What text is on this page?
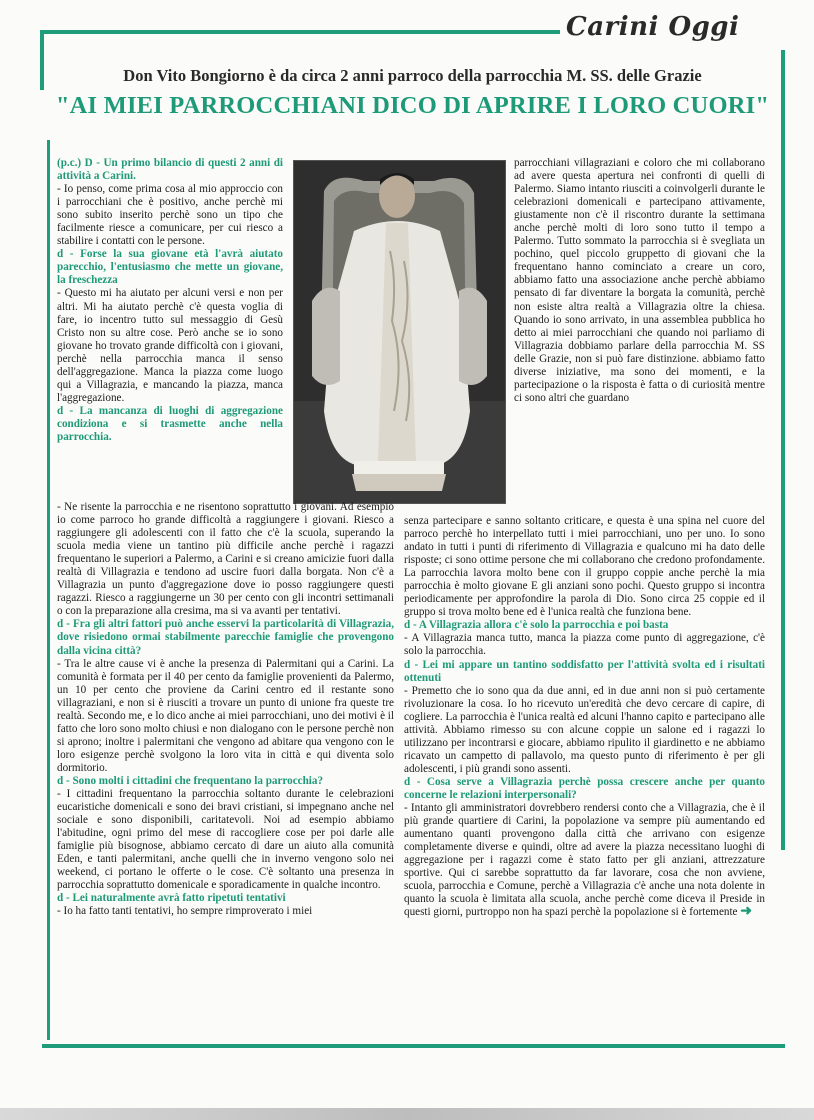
Carini Oggi
Don Vito Bongiorno è da circa 2 anni parroco della parrocchia M. SS. delle Grazie
"AI MIEI PARROCCHIANI DICO DI APRIRE I LORO CUORI"

(p.c.) D - Un primo bilancio di questi 2 anni di attività a Carini.

- Io penso, come prima cosa al mio approccio con i parrocchiani che è positivo, anche perchè mi sono subito inserito perchè sono un tipo che facilmente riesce a comunicare, per cui riesco a stabilire i contatti con le persone.

d - Forse la sua giovane età l'avrà aiutato parecchio, l'entusiasmo che mette un giovane, la freschezza

- Questo mi ha aiutato per alcuni versi e non per altri. Mi ha aiutato perchè c'è questa voglia di fare, io incentro tutto sul messaggio di Gesù Cristo non su altre cose. Però anche se io sono giovane ho trovato grande difficoltà con i giovani, perchè nella parrocchia manca il senso dell'aggregazione. Manca la piazza come luogo qui a Villagrazia, e mancando la piazza, manca l'aggregazione.

d - La mancanza di luoghi di aggregazione condiziona e si trasmette anche nella parrocchia.

parrocchiani villagraziani e coloro che mi collaborano ad avere questa apertura nei confronti di quelli di Palermo. Siamo intanto riusciti a coinvolgerli durante le celebrazioni domenicali e partecipano attivamente, giustamente non c'è il riscontro durante la settimana anche perchè molti di loro sono tutto il tempo a Palermo. Tutto sommato la parrocchia si è svegliata un pochino, quel piccolo gruppetto di giovani che la frequentano hanno cominciato a creare un coro, abbiamo fatto una associazione anche perchè abbiamo pensato di far diventare la borgata la comunità, perchè non esiste altra realtà a Villagrazia oltre la chiesa. Quando io sono arrivato, in una assemblea pubblica ho detto ai miei parrocchiani che quando noi parliamo di Villagrazia dobbiamo parlare della parrocchia M. SS delle Grazie, non si può fare distinzione. abbiamo fatto diverse iniziative, ma sono dei momenti, e la partecipazione o la risposta è fatta o di curiosità mentre ci sono altri che guardano

- Ne risente la parrocchia e ne risentono soprattutto i giovani. Ad esempio io come parroco ho grande difficoltà a raggiungere i giovani. Riesco a raggiungere gli adolescenti con il fatto che c'è la scuola, superando la scuola media viene un tantino più difficile anche perchè i ragazzi frequentano le superiori a Palermo, a Carini e si creano amicizie fuori dalla realtà di Villagrazia e tendono ad uscire fuori dalla borgata. Non c'è a Villagrazia un punto d'aggregazione dove io posso raggiungere questi ragazzi. Riesco a raggiungerne un 30 per cento con gli incontri settimanali o con la preparazione alla cresima, ma si va avanti per tentativi.

d - Fra gli altri fattori può anche esservi la particolarità di Villagrazia, dove risiedono ormai stabilmente parecchie famiglie che provengono dalla vicina città?

- Tra le altre cause vi è anche la presenza di Palermitani qui a Carini. La comunità è formata per il 40 per cento da famiglie provenienti da Palermo, un 10 per cento che proviene da Carini centro ed il restante sono villagraziani, e non si è riusciti a trovare un punto di unione fra queste tre realtà. Secondo me, e lo dico anche ai miei parrocchiani, uno dei motivi è il fatto che loro sono molto chiusi e non dialogano con le persone perchè non si aprono; inoltre i palermitani che vengono ad abitare qua vengono con le loro esigenze perchè svolgono la loro vita in città e qui diventa solo dormitorio.

d - Sono molti i cittadini che frequentano la parrocchia?

- I cittadini frequentano la parrocchia soltanto durante le celebrazioni eucaristiche domenicali e sono dei bravi cristiani, si impegnano anche nel sociale e sono disponibili, caritatevoli. Noi ad esempio abbiamo l'abitudine, ogni primo del mese di raccogliere cose per poi darle alle famiglie più bisognose, abbiamo cercato di dare un aiuto alla comunità Eden, e tanti palermitani, anche quelli che in inverno vengono solo nei weekend, ci portano le offerte o le cose. C'è soltanto una presenza in parrocchia soprattutto domenicale e sporadicamente in qualche incontro.

d - Lei naturalmente avrà fatto ripetuti tentativi

- Io ha fatto tanti tentativi, ho sempre rimproverato i miei

senza partecipare e sanno soltanto criticare, e questa è una spina nel cuore del parroco perchè ho interpellato tutti i miei parrocchiani, uno per uno. Io sono andato in tutti i punti di riferimento di Villagrazia e qualcuno mi ha dato delle risposte; ci sono ottime persone che mi collaborano che credono profondamente. La parrocchia lavora molto bene con il gruppo coppie anche perchè la mia parrocchia è molto giovane E gli anziani sono pochi. Questo gruppo si incontra periodicamente per approfondire la parola di Dio. Sono circa 25 coppie ed il gruppo si trova molto bene ed è l'unica realtà che funziona bene.

d - A Villagrazia allora c'è solo la parrocchia e poi basta

- A Villagrazia manca tutto, manca la piazza come punto di aggregazione, c'è solo la parrocchia.

d - Lei mi appare un tantino soddisfatto per l'attività svolta ed i risultati ottenuti

- Premetto che io sono qua da due anni, ed in due anni non si può certamente rivoluzionare la cosa. Io ho ricevuto un'eredità che devo cercare di capire, di cogliere. La parrocchia è l'unica realtà ed alcuni l'hanno capito e partecipano alle attività. Abbiamo rimesso su con alcune coppie un salone ed i ragazzi lo utilizzano per incontrarsi e giocare, abbiamo ripulito il giardinetto e ne abbiamo ricavato un campetto di pallavolo, ma questo punto di riferimento è per gli adolescenti, i più grandi sono assenti.

d - Cosa serve a Villagrazia perchè possa crescere anche per quanto concerne le relazioni interpersonali?

- Intanto gli amministratori dovrebbero rendersi conto che a Villagrazia, che è il più grande quartiere di Carini, la popolazione va sempre più aumentando ed aumentano quanti provengono dalla città che arrivano con esigenze completamente diverse e quindi, oltre ad avere la piazza necessitano luoghi di aggregazione per i ragazzi come è stato fatto per gli anziani, attrezzature sportive. Qui ci sarebbe soprattutto da far lavorare, cosa che non avviene, scuola, parrocchia e Comune, perchè a Villagrazia c'è anche una nota dolente in quanto la scuola è limitata alla scuola, anche perchè come diceva il Preside in questi giorni, purtroppo non ha spazi perchè la popolazione si è fortemente ➜
